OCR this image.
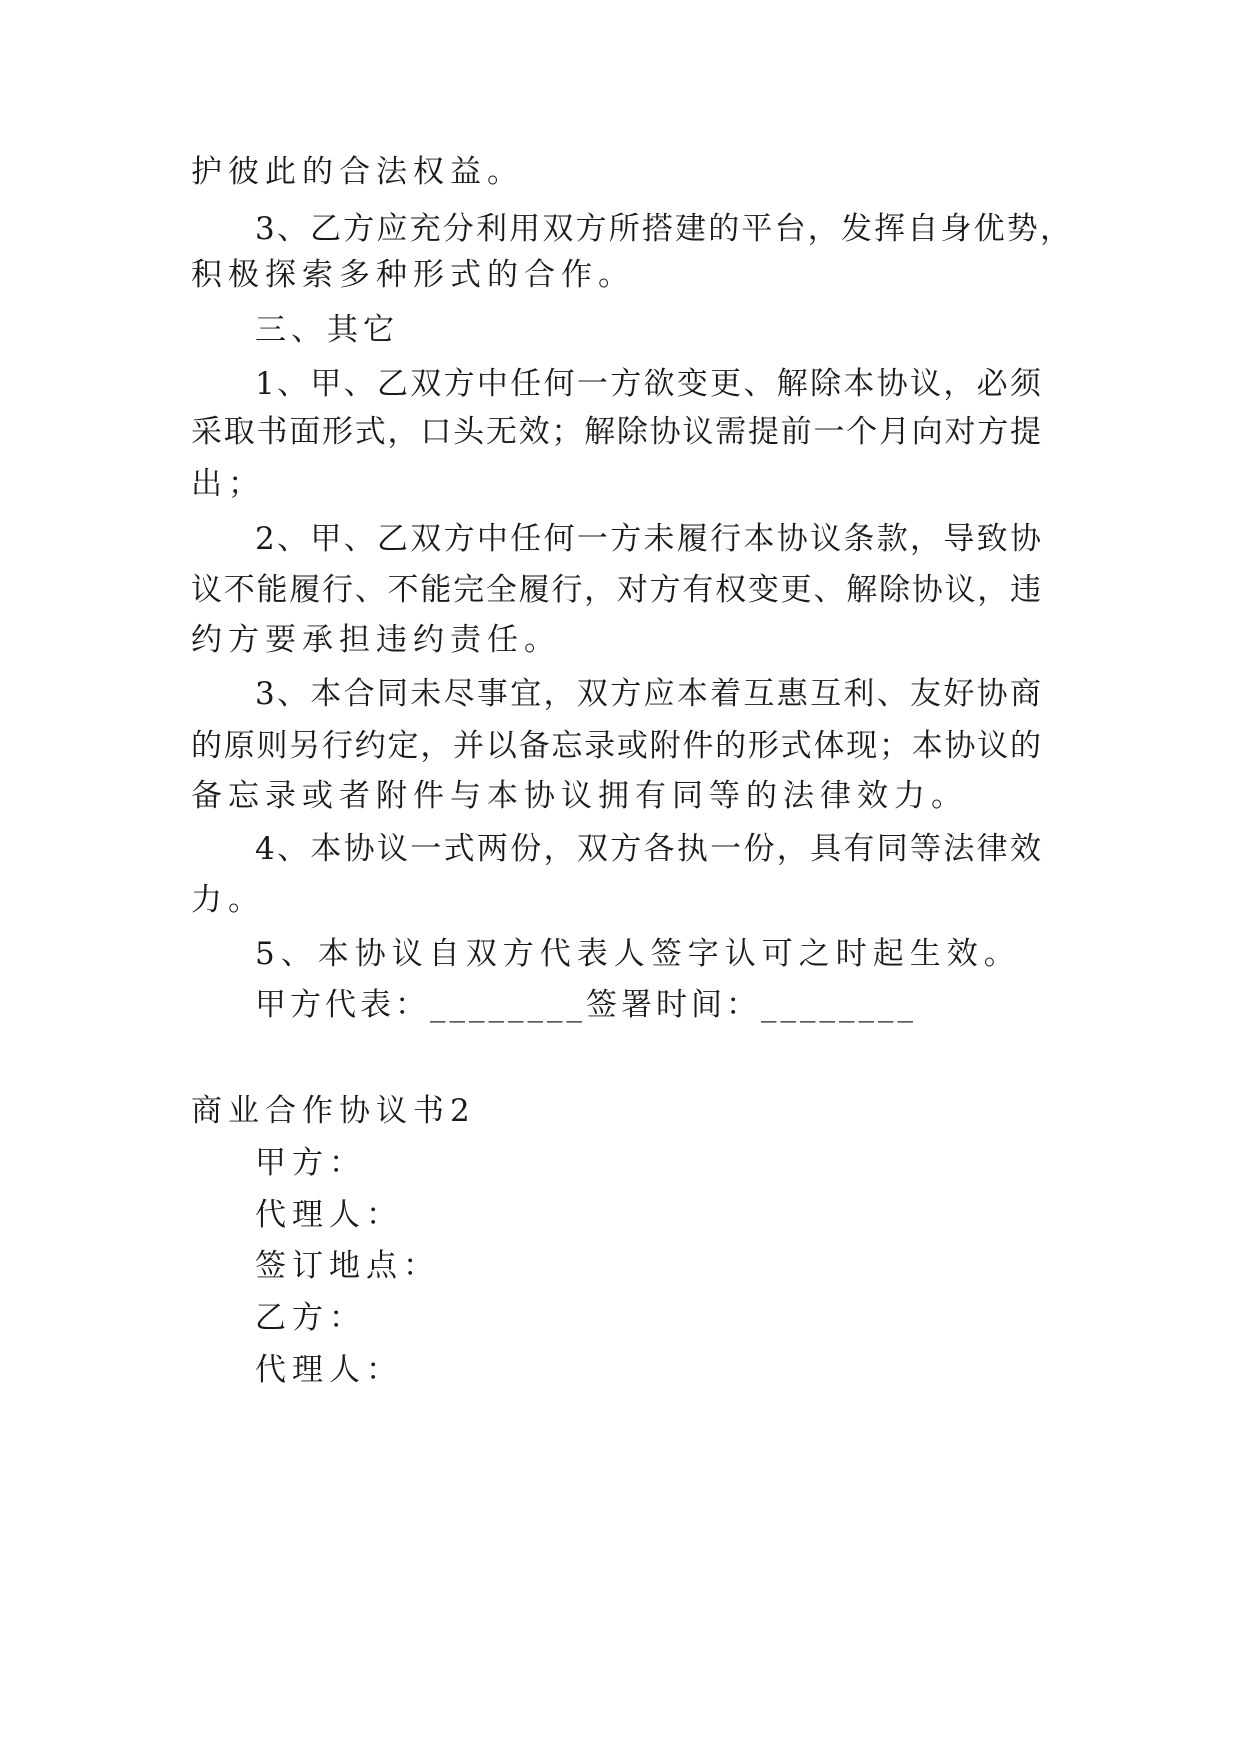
护彼此的合法权益。
3、乙方应充分利用双方所搭建的平台，发挥自身优势，
积极探索多种形式的合作。
三、其它
1、甲、乙双方中任何一方欲变更、解除本协议，必须
采取书面形式，口头无效；解除协议需提前一个月向对方提
出；
2、甲、乙双方中任何一方未履行本协议条款，导致协
议不能履行、不能完全履行，对方有权变更、解除协议，违
约方要承担违约责任。
3、本合同未尽事宜，双方应本着互惠互利、友好协商
的原则另行约定，并以备忘录或附件的形式体现；本协议的
备忘录或者附件与本协议拥有同等的法律效力。
4、本协议一式两份，双方各执一份，具有同等法律效
力。
5、本协议自双方代表人签字认可之时起生效。
甲方代表：________签署时间：________
商业合作协议书2
甲方：
代理人：
签订地点：
乙方：
代理人：
